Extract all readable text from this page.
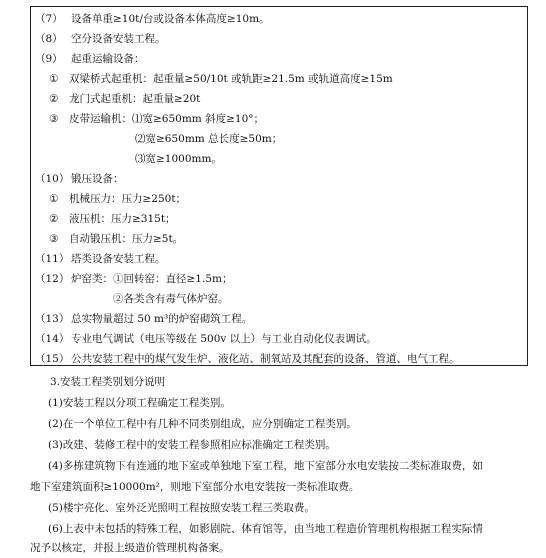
（7） 设备单重≥10t/台或设备本体高度≥10m。
（8） 空分设备安装工程。
（9） 起重运输设备：
① 双梁桥式起重机：起重量≥50/10t 或轨距≥21.5m 或轨道高度≥15m
② 龙门式起重机：起重量≥20t
③ 皮带运输机：⑴宽≥650mm 斜度≥10°；
⑵宽≥650mm 总长度≥50m；
⑶宽≥1000mm。
（10） 锻压设备：
① 机械压力：压力≥250t；
② 液压机：压力≥315t；
③ 自动锻压机：压力≥5t。
（11） 塔类设备安装工程。
（12） 炉窑类：①回转窑：直径≥1.5m；
②各类含有毒气体炉窑。
（13） 总实物量超过 50 m³的炉窑砌筑工程。
（14） 专业电气调试（电压等级在 500v 以上）与工业自动化仪表调试。
（15） 公共安装工程中的煤气发生炉、液化站、制氧站及其配套的设备、管道、电气工程。
3.安装工程类别划分说明
(1)安装工程以分项工程确定工程类别。
(2)在一个单位工程中有几种不同类别组成，应分别确定工程类别。
(3)改建、装修工程中的安装工程参照相应标准确定工程类别。
(4)多栋建筑物下有连通的地下室或单独地下室工程，地下室部分水电安装按二类标准取费，如
地下室建筑面积≥10000m²，则地下室部分水电安装按一类标准取费。
(5)楼宇亮化、室外泛光照明工程按照安装工程三类取费。
(6)上表中未包括的特殊工程，如影剧院、体育馆等，由当地工程造价管理机构根据工程实际情
况予以核定，并报上级造价管理机构备案。
